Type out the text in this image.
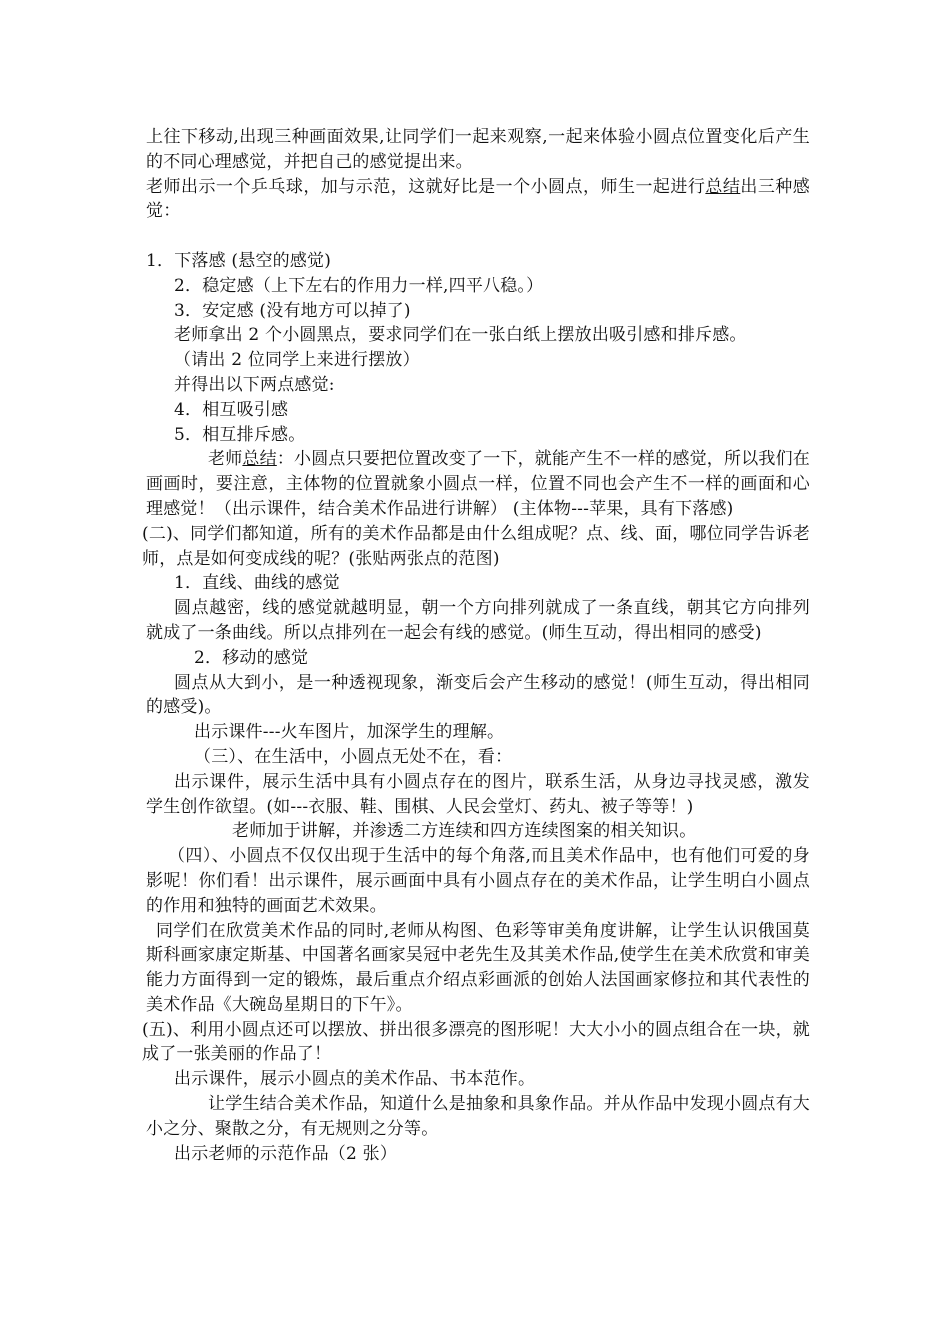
上往下移动,出现三种画面效果,让同学们一起来观察,一起来体验小圆点位置变化后产生的不同心理感觉，并把自己的感觉提出来。

老师出示一个乒乓球，加与示范，这就好比是一个小圆点，师生一起进行总结出三种感觉：

1．下落感 (悬空的感觉)

2．稳定感（上下左右的作用力一样,四平八稳。）

3．安定感 (没有地方可以掉了)

老师拿出 2 个小圆黑点，要求同学们在一张白纸上摆放出吸引感和排斥感。

（请出 2 位同学上来进行摆放）

并得出以下两点感觉:

4．相互吸引感

5．相互排斥感。

老师总结：小圆点只要把位置改变了一下，就能产生不一样的感觉，所以我们在画画时，要注意，主体物的位置就象小圆点一样，位置不同也会产生不一样的画面和心理感觉！（出示课件，结合美术作品进行讲解） (主体物---苹果，具有下落感)

(二)、同学们都知道，所有的美术作品都是由什么组成呢？点、线、面，哪位同学告诉老师，点是如何变成线的呢？(张贴两张点的范图)

1．直线、曲线的感觉

圆点越密，线的感觉就越明显，朝一个方向排列就成了一条直线，朝其它方向排列就成了一条曲线。所以点排列在一起会有线的感觉。(师生互动，得出相同的感受)

2．移动的感觉

圆点从大到小，是一种透视现象，渐变后会产生移动的感觉！(师生互动，得出相同的感受)。

出示课件---火车图片，加深学生的理解。

（三）、在生活中，小圆点无处不在，看：

出示课件，展示生活中具有小圆点存在的图片，联系生活，从身边寻找灵感，激发学生创作欲望。(如---衣服、鞋、围棋、人民会堂灯、药丸、被子等等！)

老师加于讲解，并渗透二方连续和四方连续图案的相关知识。

（四）、小圆点不仅仅出现于生活中的每个角落,而且美术作品中，也有他们可爱的身影呢！你们看！出示课件，展示画面中具有小圆点存在的美术作品，让学生明白小圆点的作用和独特的画面艺术效果。

同学们在欣赏美术作品的同时,老师从构图、色彩等审美角度讲解，让学生认识俄国莫斯科画家康定斯基、中国著名画家吴冠中老先生及其美术作品,使学生在美术欣赏和审美能力方面得到一定的锻炼，最后重点介绍点彩画派的创始人法国画家修拉和其代表性的美术作品《大碗岛星期日的下午》。

(五)、利用小圆点还可以摆放、拼出很多漂亮的图形呢！大大小小的圆点组合在一块，就成了一张美丽的作品了！

出示课件，展示小圆点的美术作品、书本范作。

让学生结合美术作品，知道什么是抽象和具象作品。并从作品中发现小圆点有大小之分、聚散之分，有无规则之分等。

出示老师的示范作品（2 张）
